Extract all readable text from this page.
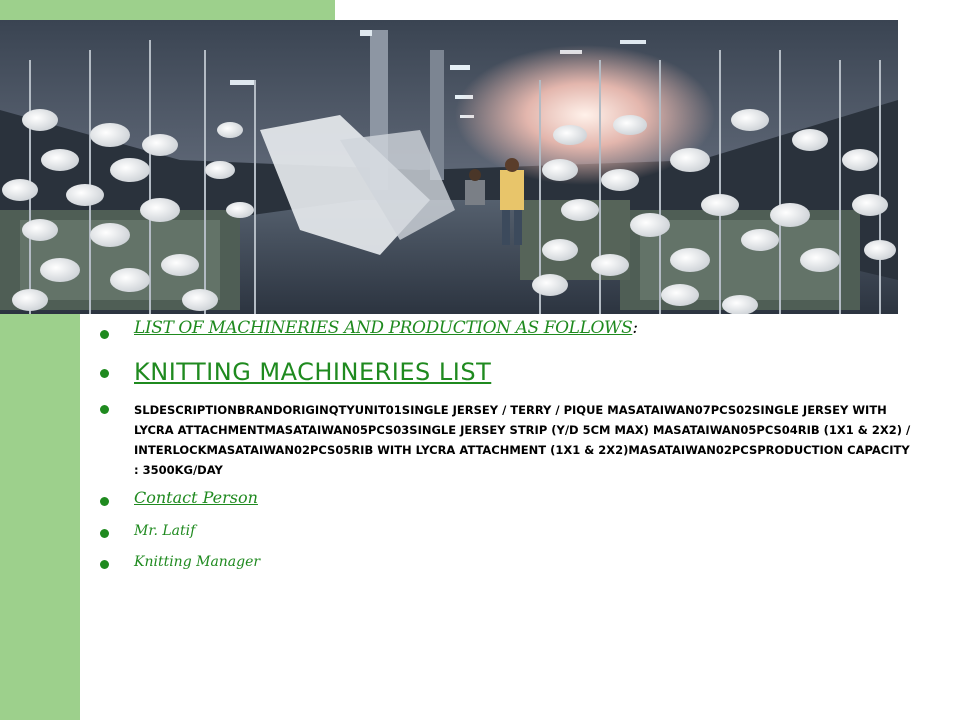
LIST OF MACHINERIES AND PRODUCTION AS FOLLOWS:
KNITTING MACHINERIES LIST
SLDESCRIPTIONBRANDORIGINQTYUNIT01SINGLE JERSEY / TERRY / PIQUE MASATAIWAN07PCS02SINGLE JERSEY WITH LYCRA ATTACHMENTMASATAIWAN05PCS03SINGLE JERSEY STRIP (Y/D 5CM MAX) MASATAIWAN05PCS04RIB (1X1 & 2X2) / INTERLOCKMASATAIWAN02PCS05RIB WITH LYCRA ATTACHMENT (1X1 & 2X2)MASATAIWAN02PCSPRODUCTION CAPACITY : 3500KG/DAY
Contact Person
Mr. Latif
Knitting Manager
